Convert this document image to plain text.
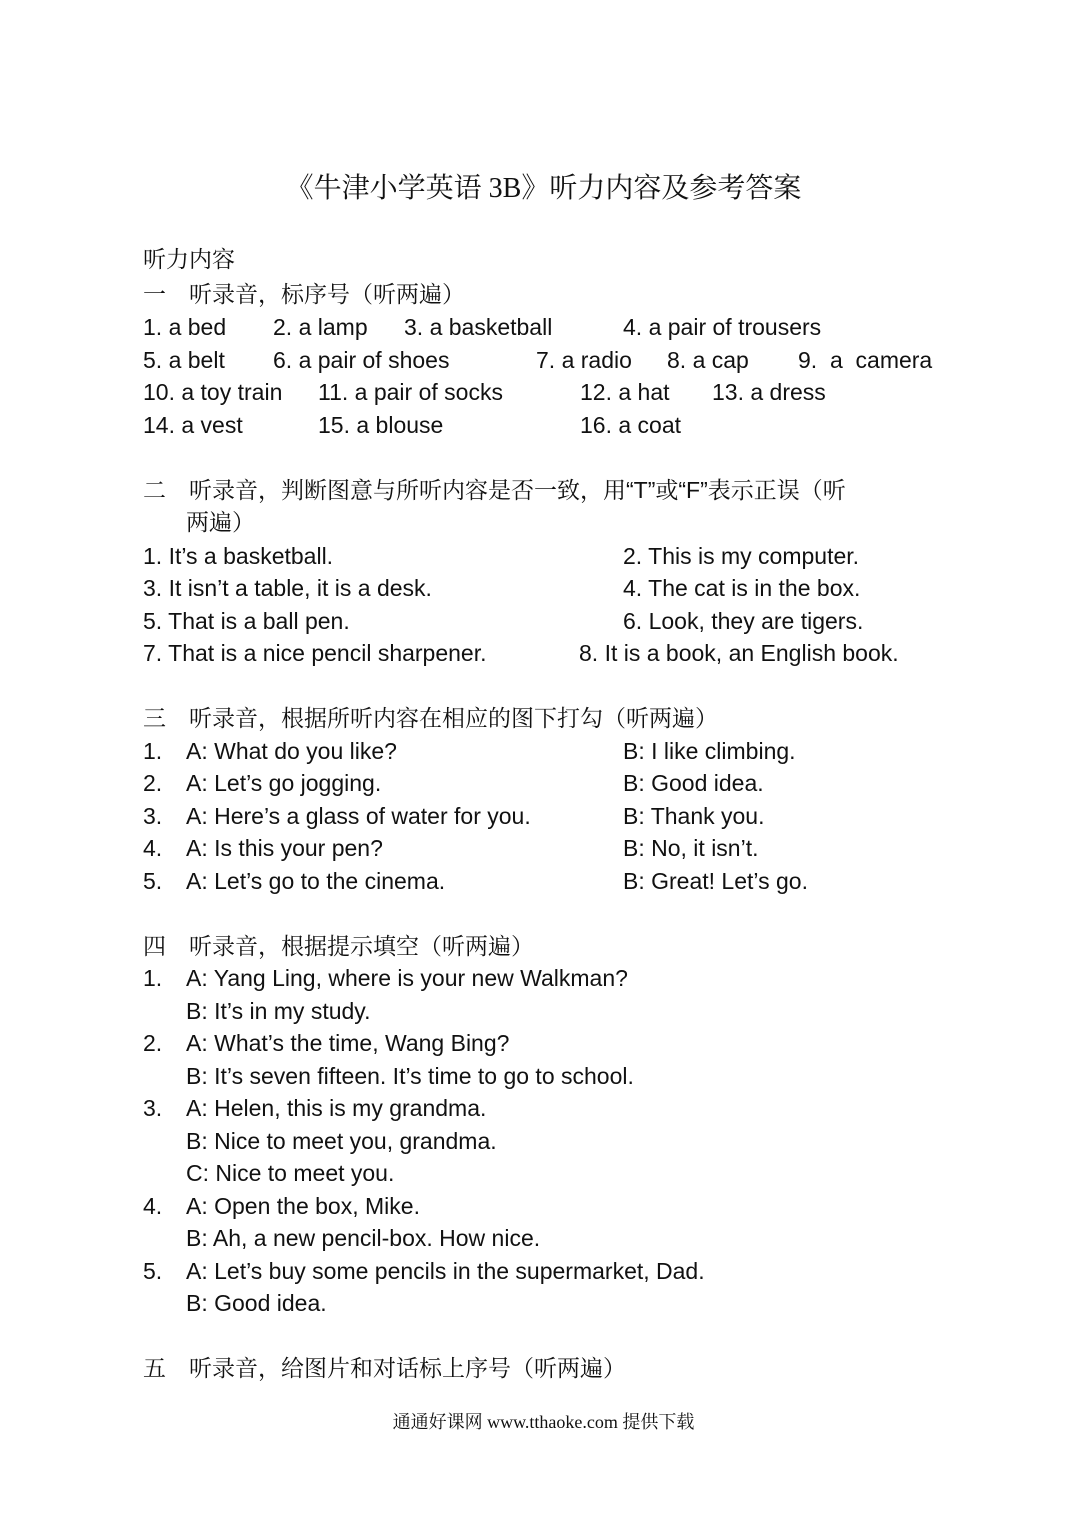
《牛津小学英语 3B》听力内容及参考答案
听力内容
一　听录音，标序号（听两遍）
1. a bed 2. a lamp 3. a basketball	4. a pair of trousers
5. a belt 6. a pair of shoes	7. a radio 8. a cap 9.  a  camera
10. a toy train 11. a pair of socks	12. a hat 13. a dress
14. a vest	15. a blouse	16. a coat
二　听录音，判断图意与所听内容是否一致，用“T”或“F”表示正误（听
两遍）
1. It’s a basketball.	2. This is my computer.
3. It isn’t a table, it is a desk.	4. The cat is in the box.
5. That is a ball pen.	6. Look, they are tigers.
7. That is a nice pencil sharpener.	8. It is a book, an English book.
三　听录音，根据所听内容在相应的图下打勾（听两遍）
1. A: What do you like?	B: I like climbing.
2. A: Let’s go jogging.	B: Good idea.
3. A: Here’s a glass of water for you.	B: Thank you.
4. A: Is this your pen?	B: No, it isn’t.
5. A: Let’s go to the cinema.	B: Great! Let’s go.
四　听录音，根据提示填空（听两遍）
1. A: Yang Ling, where is your new Walkman?
B: It’s in my study.
2. A: What’s the time, Wang Bing?
B: It’s seven fifteen. It’s time to go to school.
3. A: Helen, this is my grandma.
B: Nice to meet you, grandma.
C: Nice to meet you.
4. A: Open the box, Mike.
B: Ah, a new pencil-box. How nice.
5. A: Let’s buy some pencils in the supermarket, Dad.
B: Good idea.
五　听录音，给图片和对话标上序号（听两遍）
通通好课网 www.tthaoke.com 提供下载
